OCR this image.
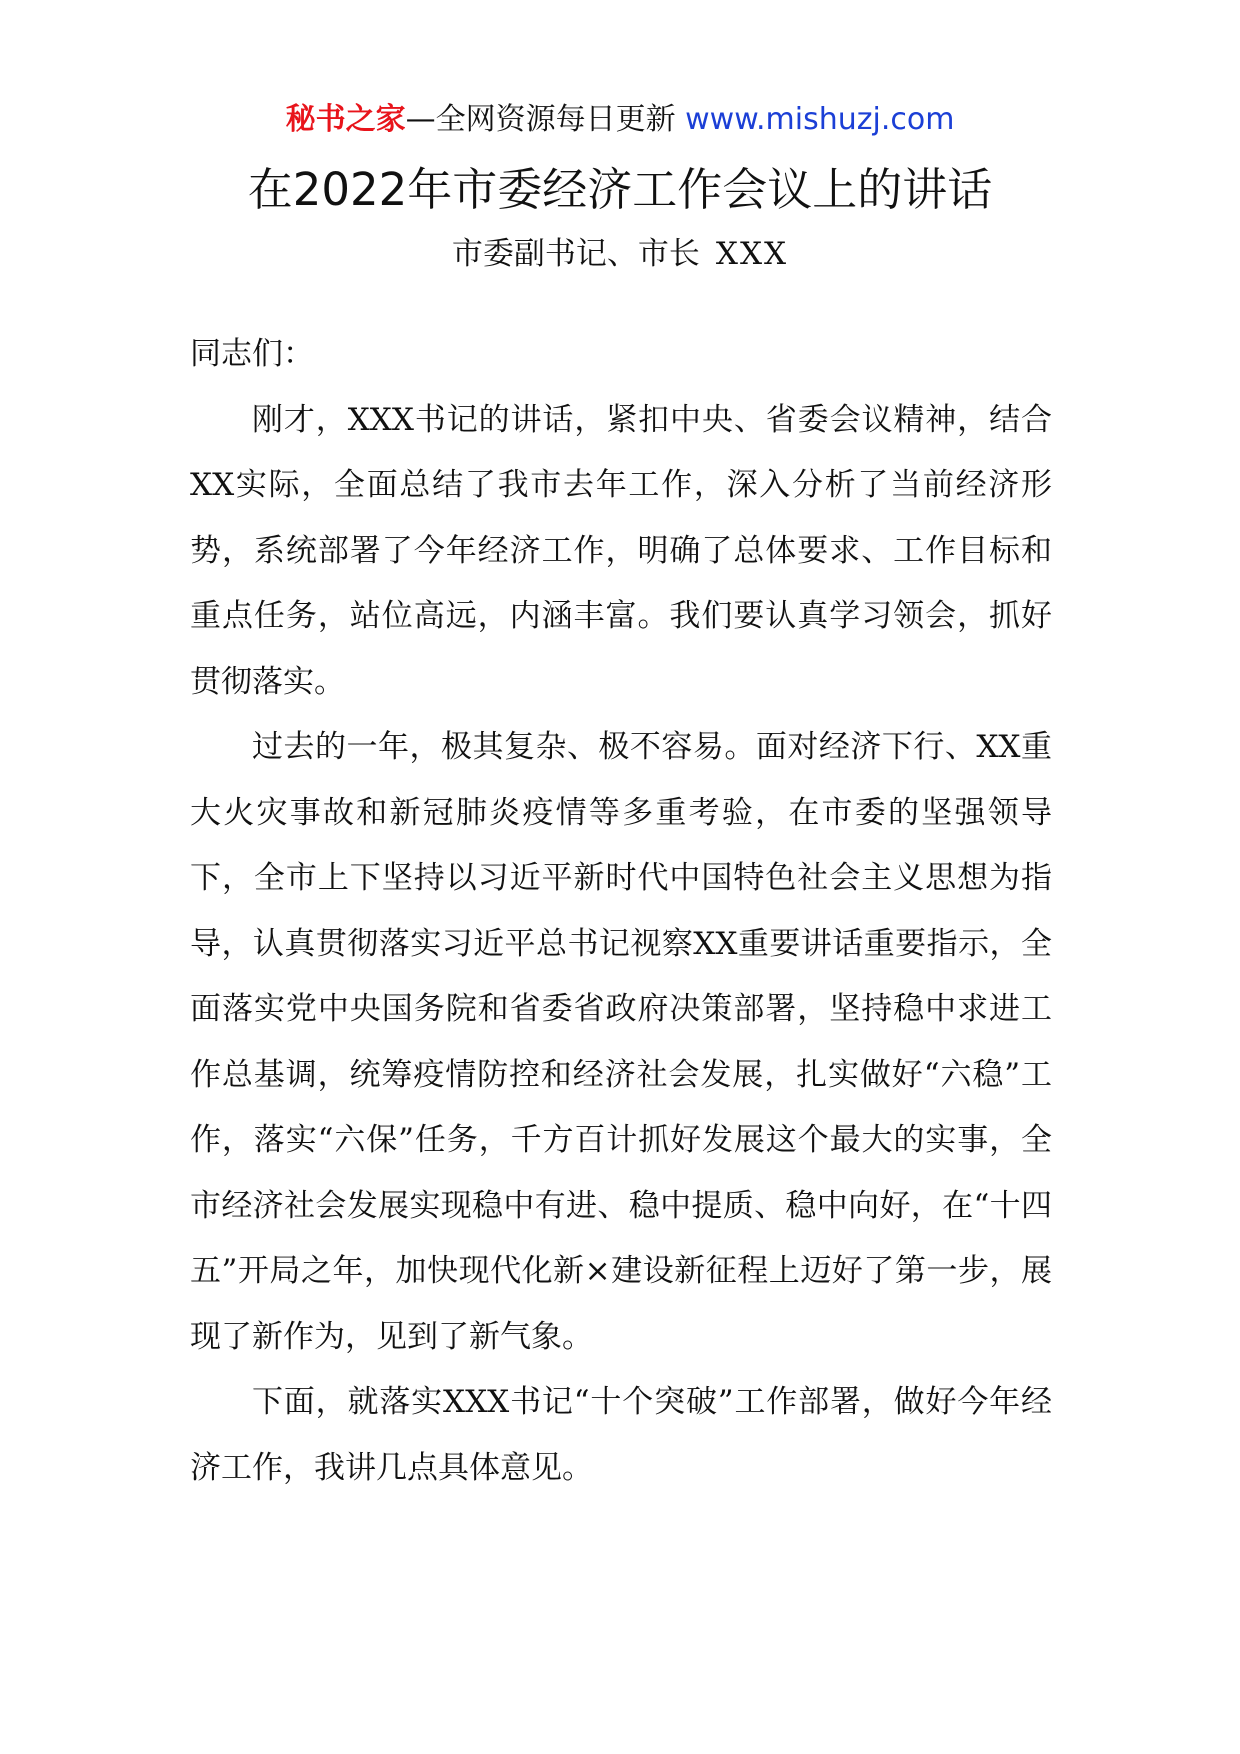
秘书之家—全网资源每日更新 www.mishuzj.com
在2022年市委经济工作会议上的讲话
市委副书记、市长 XXX

同志们：

刚才，XXX书记的讲话，紧扣中央、省委会议精神，结合XX实际，全面总结了我市去年工作，深入分析了当前经济形势，系统部署了今年经济工作，明确了总体要求、工作目标和重点任务，站位高远，内涵丰富。我们要认真学习领会，抓好贯彻落实。

过去的一年，极其复杂、极不容易。面对经济下行、XX重大火灾事故和新冠肺炎疫情等多重考验，在市委的坚强领导下，全市上下坚持以习近平新时代中国特色社会主义思想为指导，认真贯彻落实习近平总书记视察XX重要讲话重要指示，全面落实党中央国务院和省委省政府决策部署，坚持稳中求进工作总基调，统筹疫情防控和经济社会发展，扎实做好“六稳”工作，落实“六保”任务，千方百计抓好发展这个最大的实事，全市经济社会发展实现稳中有进、稳中提质、稳中向好，在“十四五”开局之年，加快现代化新×建设新征程上迈好了第一步，展现了新作为，见到了新气象。

下面，就落实XXX书记“十个突破”工作部署，做好今年经济工作，我讲几点具体意见。
